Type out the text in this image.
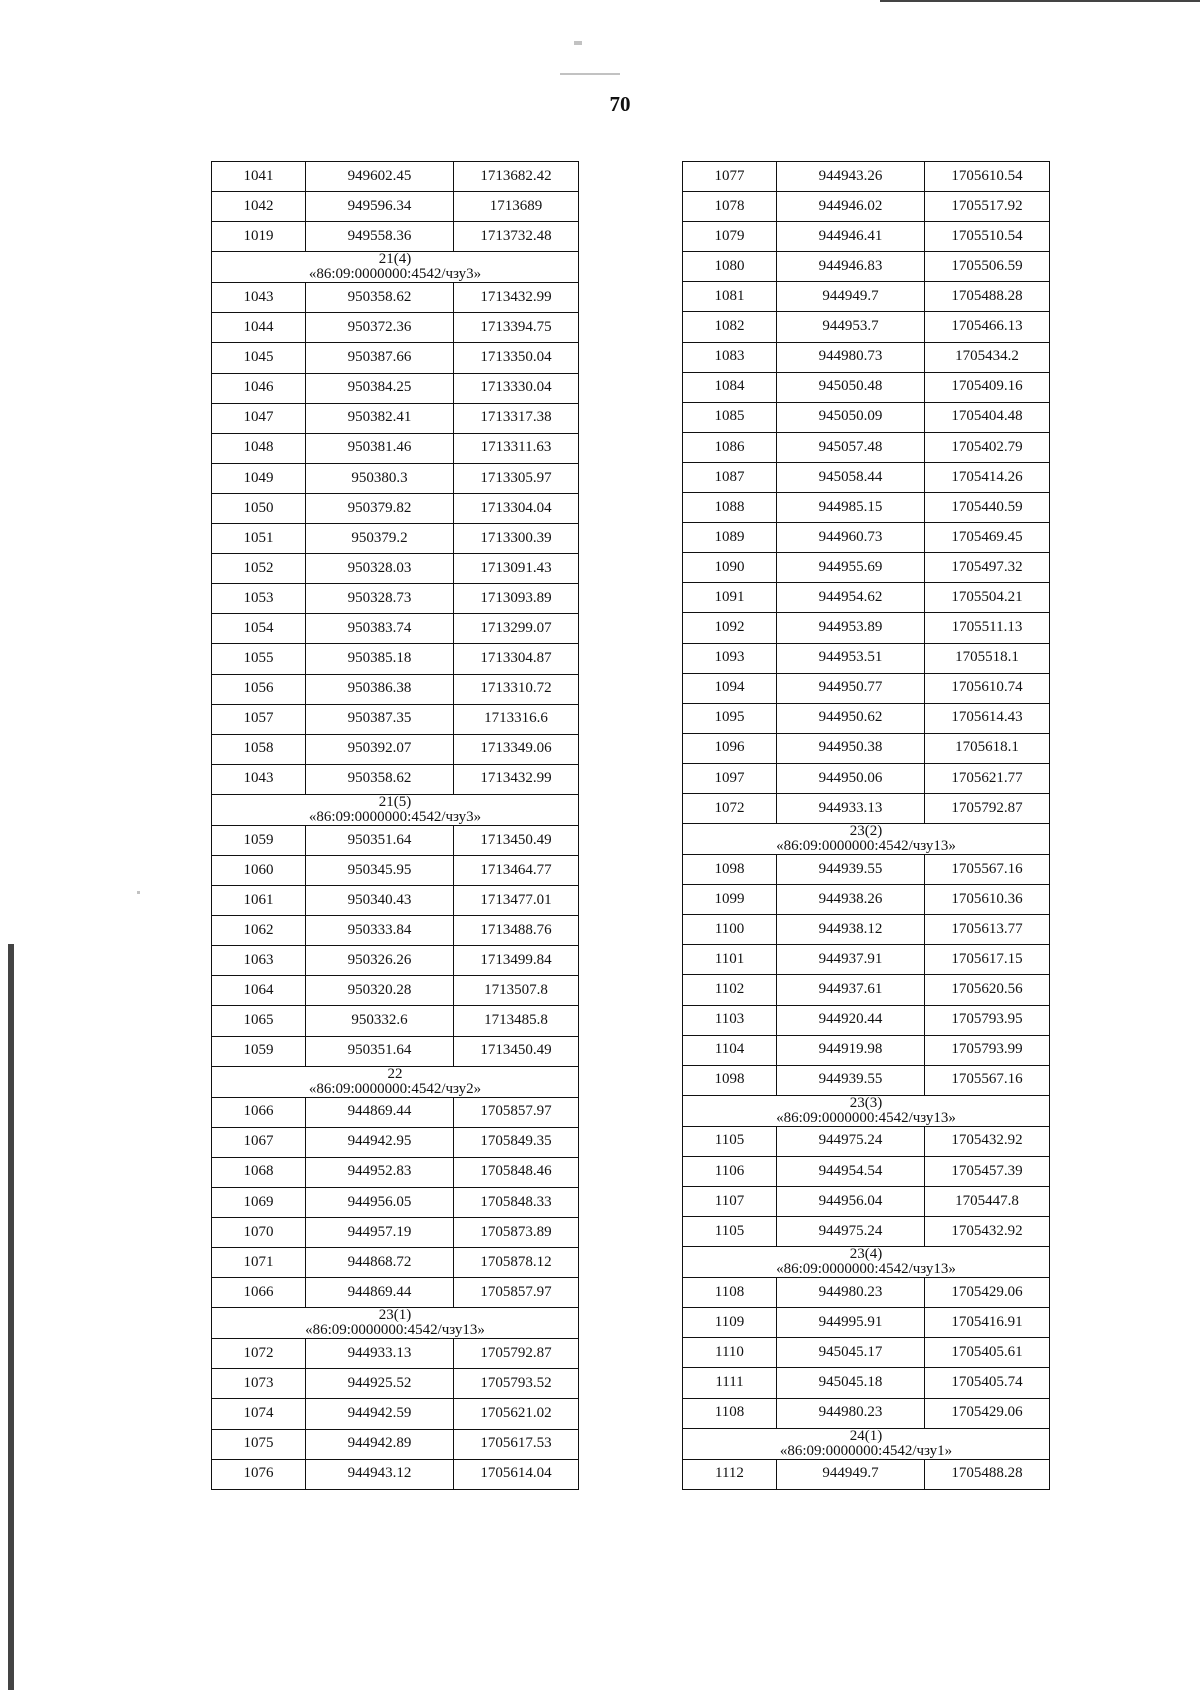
70
1041	949602.45	1713682.42
1042	949596.34	1713689
1019	949558.36	1713732.48

21(4)
«86:09:0000000:4542/чзу3»		

1043	950358.62	1713432.99
1044	950372.36	1713394.75
1045	950387.66	1713350.04
1046	950384.25	1713330.04
1047	950382.41	1713317.38
1048	950381.46	1713311.63
1049	950380.3	1713305.97
1050	950379.82	1713304.04
1051	950379.2	1713300.39
1052	950328.03	1713091.43
1053	950328.73	1713093.89
1054	950383.74	1713299.07
1055	950385.18	1713304.87
1056	950386.38	1713310.72
1057	950387.35	1713316.6
1058	950392.07	1713349.06
1043	950358.62	1713432.99

21(5)
«86:09:0000000:4542/чзу3»		

1059	950351.64	1713450.49
1060	950345.95	1713464.77
1061	950340.43	1713477.01
1062	950333.84	1713488.76
1063	950326.26	1713499.84
1064	950320.28	1713507.8
1065	950332.6	1713485.8
1059	950351.64	1713450.49

22
«86:09:0000000:4542/чзу2»		

1066	944869.44	1705857.97
1067	944942.95	1705849.35
1068	944952.83	1705848.46
1069	944956.05	1705848.33
1070	944957.19	1705873.89
1071	944868.72	1705878.12
1066	944869.44	1705857.97

23(1)
«86:09:0000000:4542/чзу13»		

1072	944933.13	1705792.87
1073	944925.52	1705793.52
1074	944942.59	1705621.02
1075	944942.89	1705617.53
1076	944943.12	1705614.04
1077	944943.26	1705610.54
1078	944946.02	1705517.92
1079	944946.41	1705510.54
1080	944946.83	1705506.59
1081	944949.7	1705488.28
1082	944953.7	1705466.13
1083	944980.73	1705434.2
1084	945050.48	1705409.16
1085	945050.09	1705404.48
1086	945057.48	1705402.79
1087	945058.44	1705414.26
1088	944985.15	1705440.59
1089	944960.73	1705469.45
1090	944955.69	1705497.32
1091	944954.62	1705504.21
1092	944953.89	1705511.13
1093	944953.51	1705518.1
1094	944950.77	1705610.74
1095	944950.62	1705614.43
1096	944950.38	1705618.1
1097	944950.06	1705621.77
1072	944933.13	1705792.87

23(2)
«86:09:0000000:4542/чзу13»		

1098	944939.55	1705567.16
1099	944938.26	1705610.36
1100	944938.12	1705613.77
1101	944937.91	1705617.15
1102	944937.61	1705620.56
1103	944920.44	1705793.95
1104	944919.98	1705793.99
1098	944939.55	1705567.16

23(3)
«86:09:0000000:4542/чзу13»		

1105	944975.24	1705432.92
1106	944954.54	1705457.39
1107	944956.04	1705447.8
1105	944975.24	1705432.92

23(4)
«86:09:0000000:4542/чзу13»		

1108	944980.23	1705429.06
1109	944995.91	1705416.91
1110	945045.17	1705405.61
1111	945045.18	1705405.74
1108	944980.23	1705429.06

24(1)
«86:09:0000000:4542/чзу1»		

1112	944949.7	1705488.28
